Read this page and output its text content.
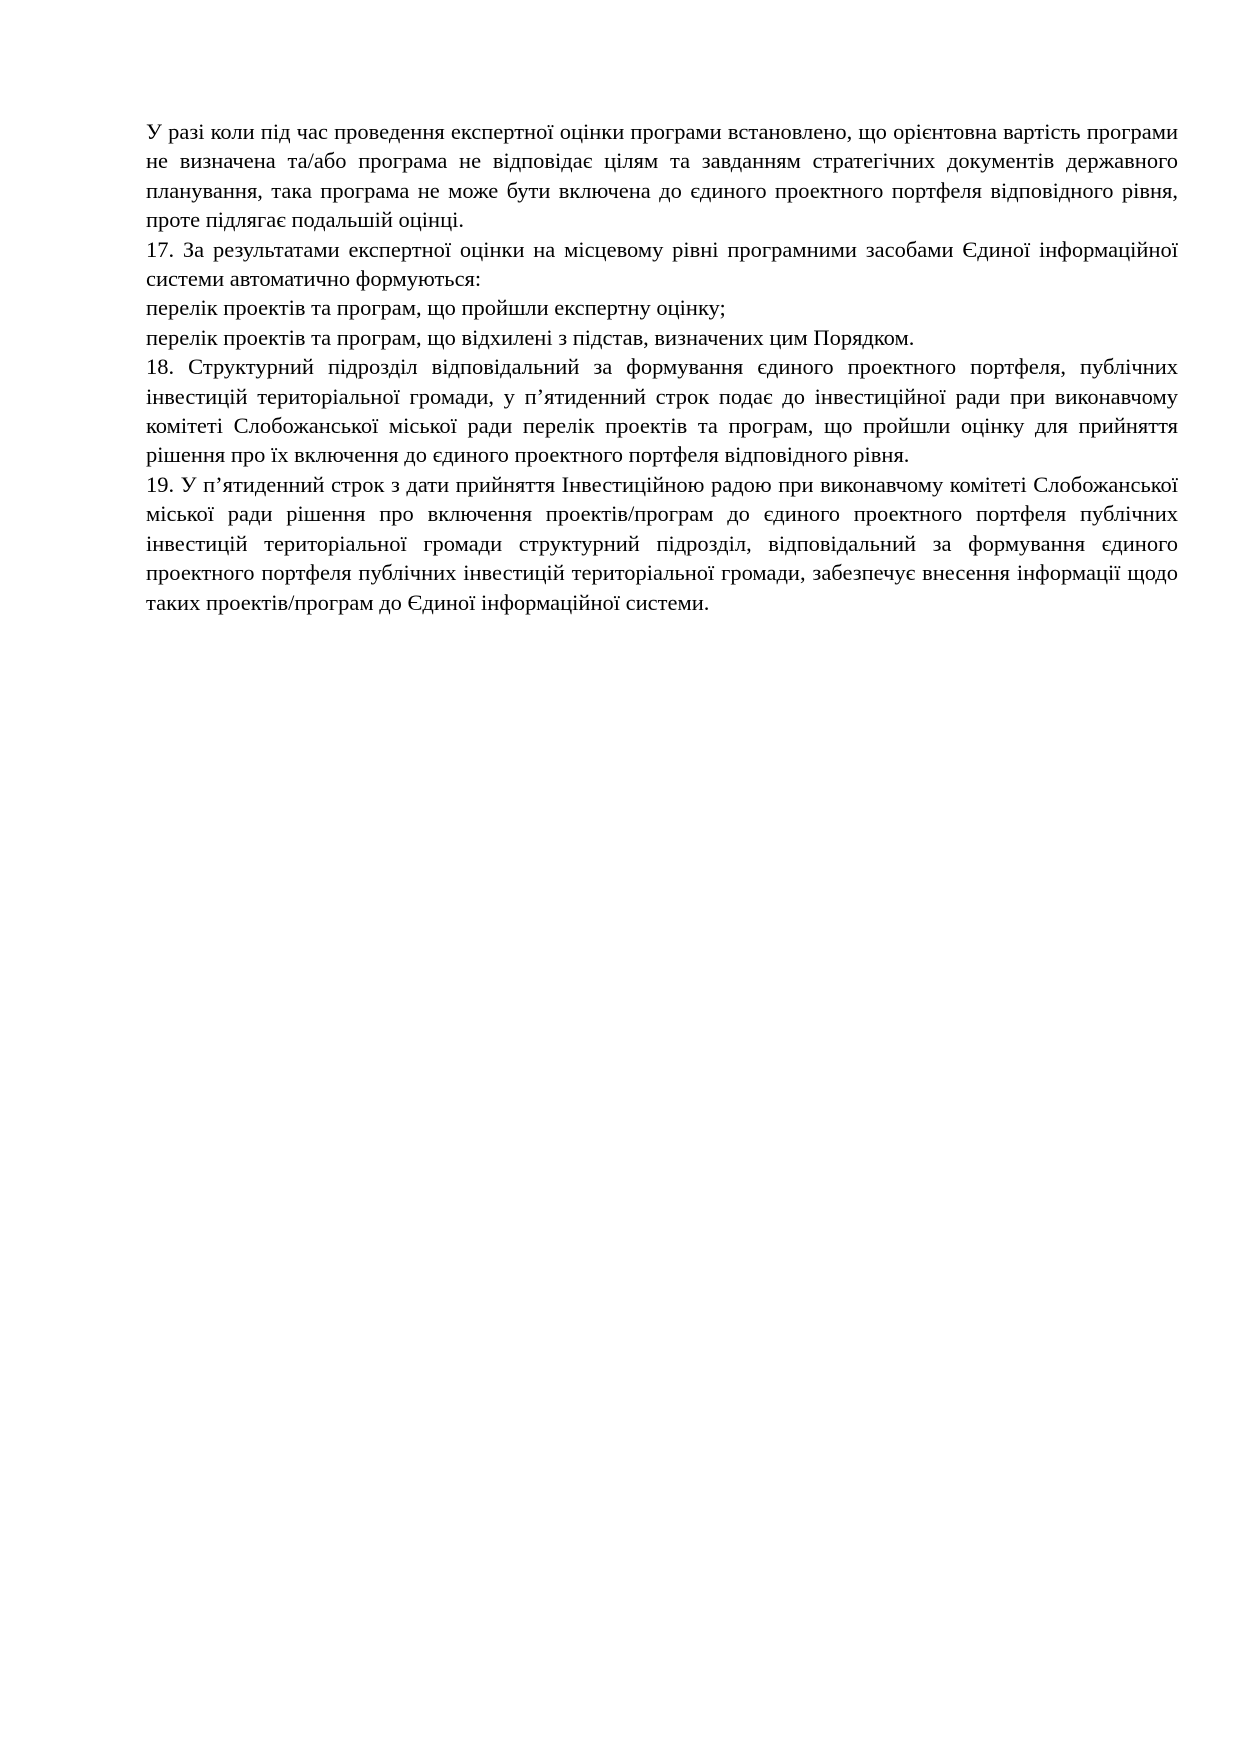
У разі коли під час проведення експертної оцінки програми встановлено, що орієнтовна вартість програми не визначена та/або програма не відповідає цілям та завданням стратегічних документів державного планування, така програма не може бути включена до єдиного проектного портфеля відповідного рівня, проте підлягає подальшій оцінці.

17. За результатами експертної оцінки на місцевому рівні програмними засобами Єдиної інформаційної системи автоматично формуються:

перелік проектів та програм, що пройшли експертну оцінку;

перелік проектів та програм, що відхилені з підстав, визначених цим Порядком.

18. Структурний підрозділ відповідальний за формування єдиного проектного портфеля, публічних інвестицій територіальної громади, у п’ятиденний строк подає до інвестиційної ради при виконавчому комітеті Слобожанської міської ради перелік проектів та програм, що пройшли оцінку для прийняття рішення про їх включення до єдиного проектного портфеля відповідного рівня.

19. У п’ятиденний строк з дати прийняття Інвестиційною радою при виконавчому комітеті Слобожанської міської ради рішення про включення проектів/програм до єдиного проектного портфеля публічних інвестицій територіальної громади структурний підрозділ, відповідальний за формування єдиного проектного портфеля публічних інвестицій територіальної громади, забезпечує внесення інформації щодо таких проектів/програм до Єдиної інформаційної системи.
